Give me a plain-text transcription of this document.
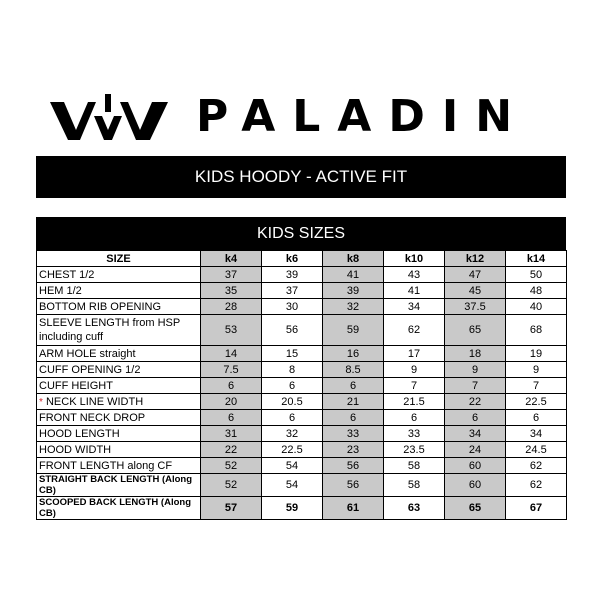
PALADIN
KIDS HOODY - ACTIVE FIT
KIDS SIZES
SIZE	k4	k6	k8	k10	k12	k14
CHEST 1/2	37	39	41	43	47	50
HEM 1/2	35	37	39	41	45	48
BOTTOM RIB OPENING	28	30	32	34	37.5	40
SLEEVE LENGTH from HSP including cuff	53	56	59	62	65	68
ARM HOLE straight	14	15	16	17	18	19
CUFF OPENING 1/2	7.5	8	8.5	9	9	9
CUFF HEIGHT	6	6	6	7	7	7
* NECK LINE WIDTH	20	20.5	21	21.5	22	22.5
FRONT NECK DROP	6	6	6	6	6	6
HOOD LENGTH	31	32	33	33	34	34
HOOD WIDTH	22	22.5	23	23.5	24	24.5
FRONT LENGTH along CF	52	54	56	58	60	62
STRAIGHT BACK LENGTH (Along CB)	52	54	56	58	60	62
SCOOPED BACK LENGTH (Along CB)	57	59	61	63	65	67
